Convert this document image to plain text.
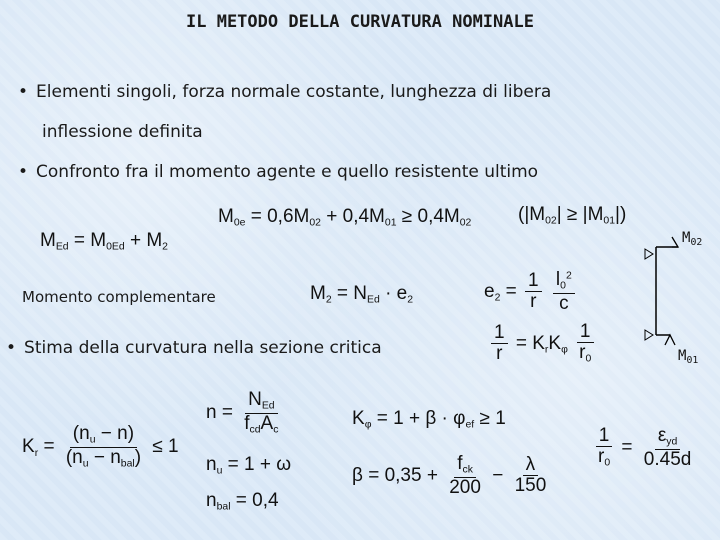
IL METODO DELLA CURVATURA NOMINALE
• Elementi singoli, forza normale costante, lunghezza di libera
inflessione definita
• Confronto fra il momento agente e quello resistente ultimo
$M_{0e} = 0,6M_{02} + 0,4M_{01} \ge 0,4M_{02}$ $(|M_{02}| \ge |M_{01}|)$
$M_{Ed} = M_{0Ed} + M_2$
$M_{02}$
$M_{01}$
Momento complementare	$M_2 = N_{Ed} \cdot e_2$	$e_2 = \frac{1}{r}$
$\frac{l_0^2}{c}$
• Stima della curvatura nella sezione critica	$\frac{1}{r} = K_rK_\varphi \frac{1}{r_0}$
$n = \frac{N_{Ed}}{f_{cd}A_c}$	$K_\varphi = 1 + \beta \cdot \varphi_{ef} \ge 1$
$K_r = \frac{(n_u - n)}{(n_u - n_{bal})} \le 1$	$\frac{1}{r_0} = \frac{\varepsilon_{yd}}{0.45d}$
$n_u = 1 + \omega$
$\beta = 0,35 + \frac{f_{ck}}{200} - \frac{\lambda}{150}$
$n_{bal} = 0,4$
